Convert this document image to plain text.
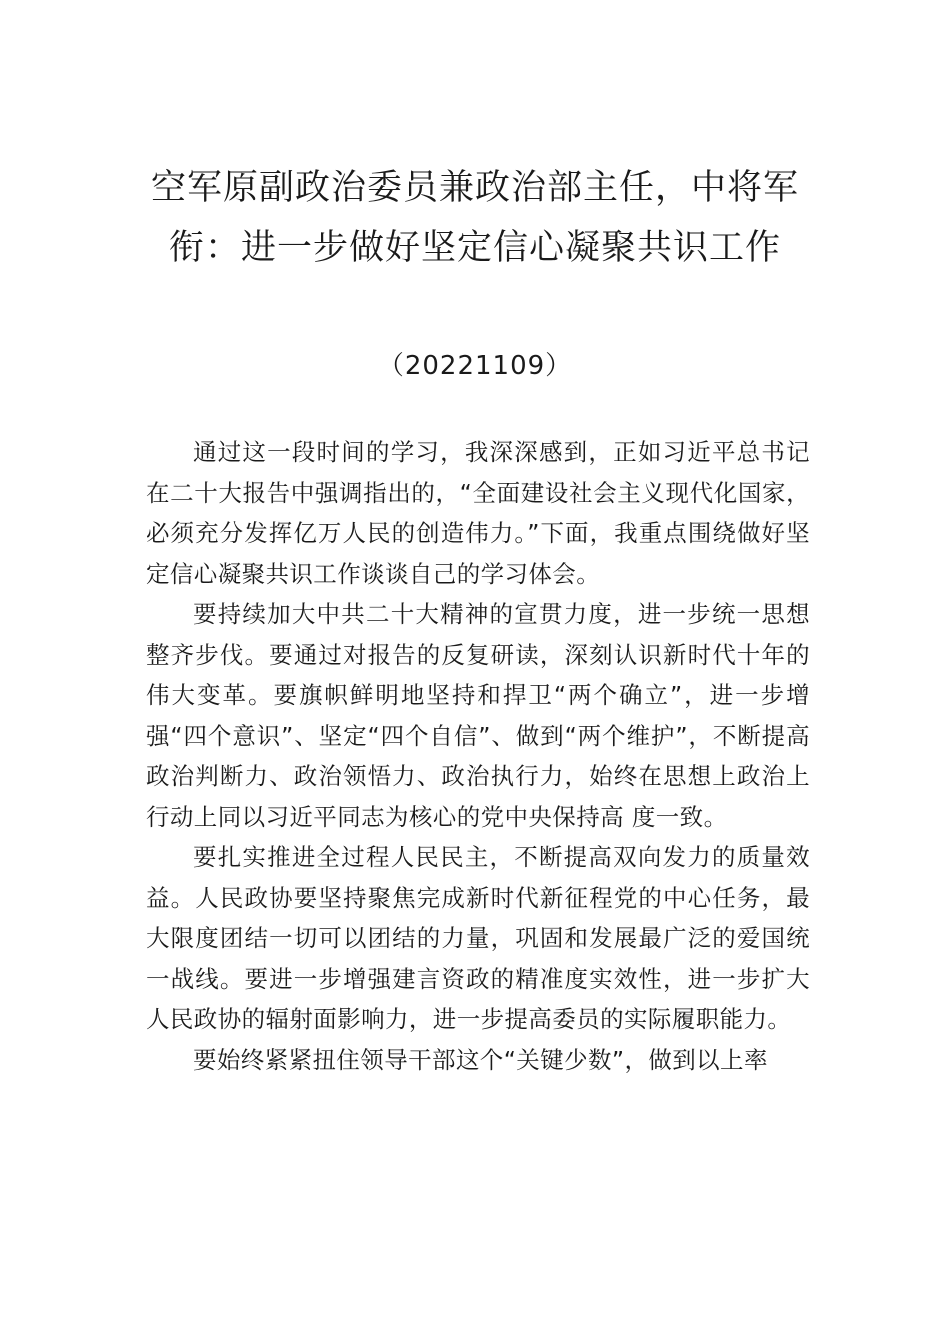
空军原副政治委员兼政治部主任，中将军衔：进一步做好坚定信心凝聚共识工作
（20221109）

通过这一段时间的学习，我深深感到，正如习近平总书记在二十大报告中强调指出的，“全面建设社会主义现代化国家，必须充分发挥亿万人民的创造伟力。”下面，我重点围绕做好坚定信心凝聚共识工作谈谈自己的学习体会。

要持续加大中共二十大精神的宣贯力度，进一步统一思想整齐步伐。要通过对报告的反复研读，深刻认识新时代十年的伟大变革。要旗帜鲜明地坚持和捍卫“两个确立”，进一步增强“四个意识”、坚定“四个自信”、做到“两个维护”，不断提高政治判断力、政治领悟力、政治执行力，始终在思想上政治上行动上同以习近平同志为核心的党中央保持高 度一致。

要扎实推进全过程人民民主，不断提高双向发力的质量效益。人民政协要坚持聚焦完成新时代新征程党的中心任务，最大限度团结一切可以团结的力量，巩固和发展最广泛的爱国统一战线。要进一步增强建言资政的精准度实效性，进一步扩大人民政协的辐射面影响力，进一步提高委员的实际履职能力。

要始终紧紧扭住领导干部这个“关键少数”，做到以上率
